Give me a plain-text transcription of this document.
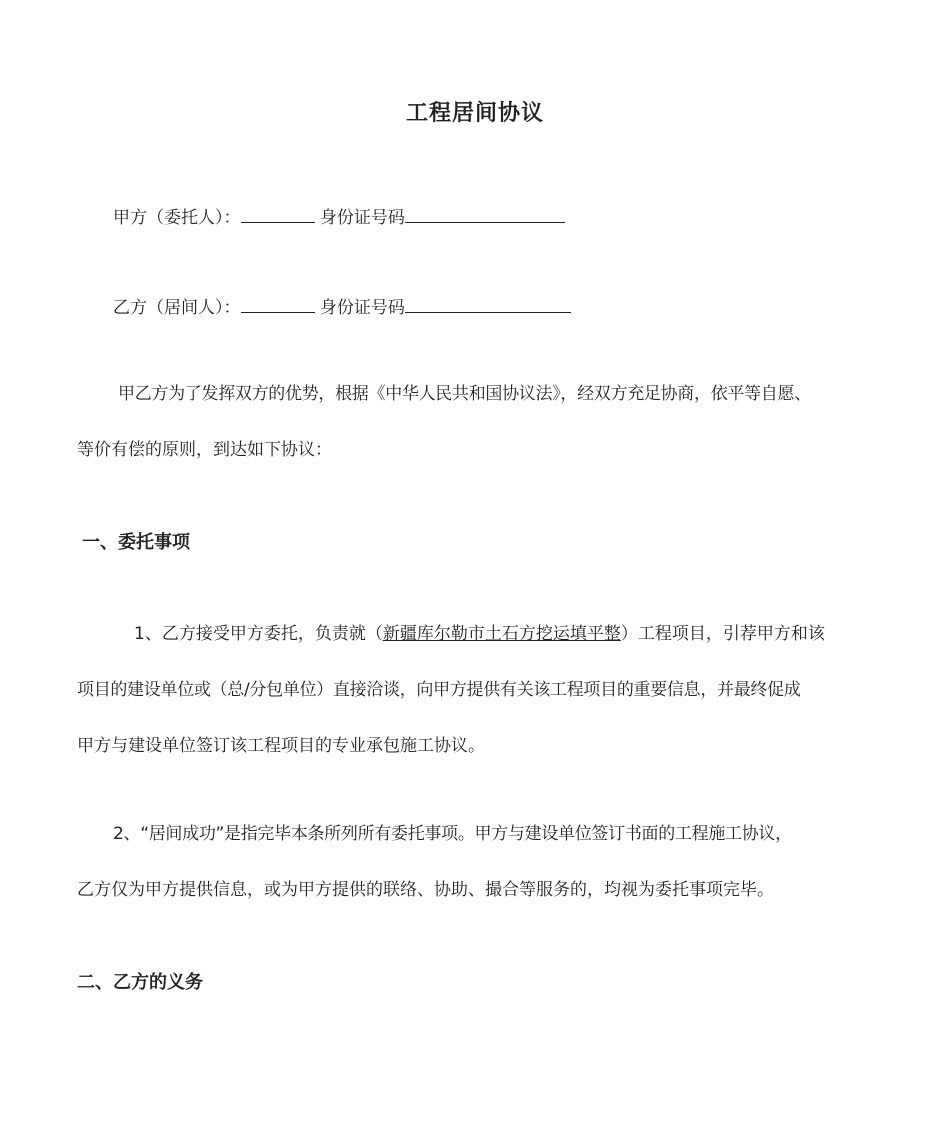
工程居间协议
甲方（委托人）：	身份证号码
乙方（居间人）：	身份证号码
甲乙方为了发挥双方的优势，根据《中华人民共和国协议法》，经双方充足协商，依平等自愿、
等价有偿的原则，到达如下协议：
一、委托事项
1、乙方接受甲方委托，负责就（新疆库尔勒市土石方挖运填平整）工程项目，引荐甲方和该
项目的建设单位或（总/分包单位）直接洽谈，向甲方提供有关该工程项目的重要信息，并最终促成
甲方与建设单位签订该工程项目的专业承包施工协议。
2、“居间成功”是指完毕本条所列所有委托事项。甲方与建设单位签订书面的工程施工协议，
乙方仅为甲方提供信息，或为甲方提供的联络、协助、撮合等服务的，均视为委托事项完毕。
二、乙方的义务
